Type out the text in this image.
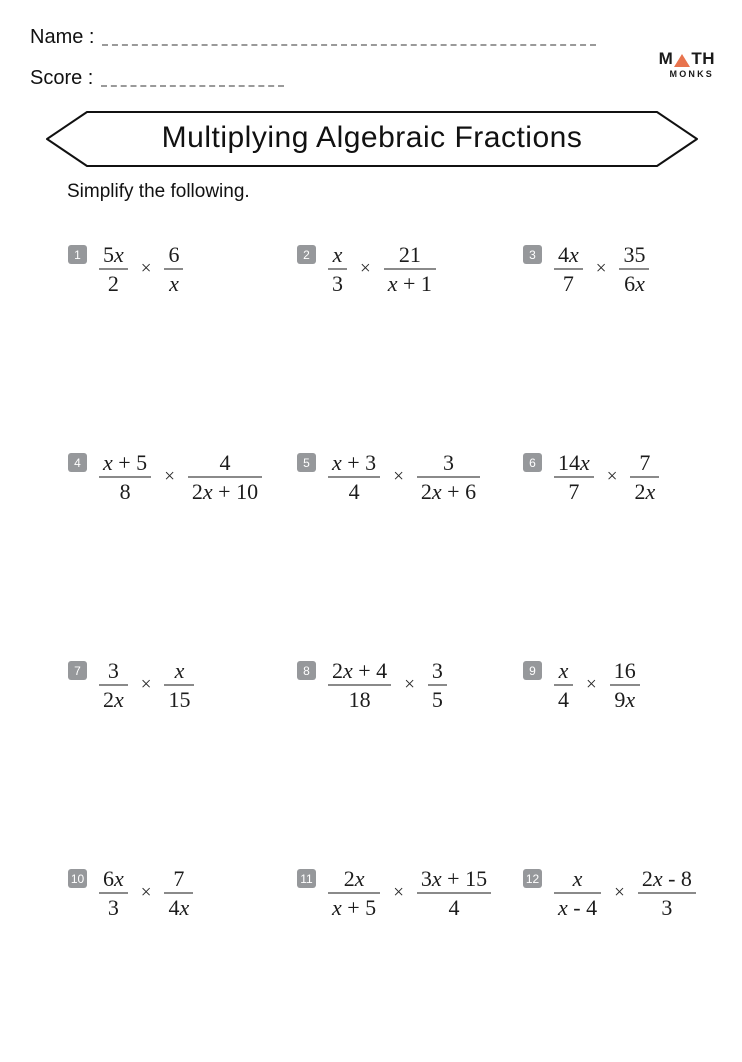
Name :
Score :
M TH
MONKS
Multiplying Algebraic Fractions
Simplify the following.
$1 \frac{5x}{2} \times \frac{6}{x}$	$2 \frac{x}{3} \times \frac{21}{x + 1}$	$3 \frac{4x}{7} \times \frac{35}{6x}$
$4 \frac{x + 5}{8} \times \frac{4}{2x + 10}$	$5 \frac{x + 3}{4} \times \frac{3}{2x + 6}$	$6 \frac{14x}{7} \times \frac{7}{2x}$
$7 \frac{3}{2x} \times \frac{x}{15}$	$8 \frac{2x + 4}{18} \times \frac{3}{5}$	$9 \frac{x}{4} \times \frac{16}{9x}$
$10 \frac{6x}{3} \times \frac{7}{4x}$	$11 \frac{2x}{x + 5} \times \frac{3x + 15}{4}$	$12 \frac{x}{x - 4} \times \frac{2x - 8}{3}$
